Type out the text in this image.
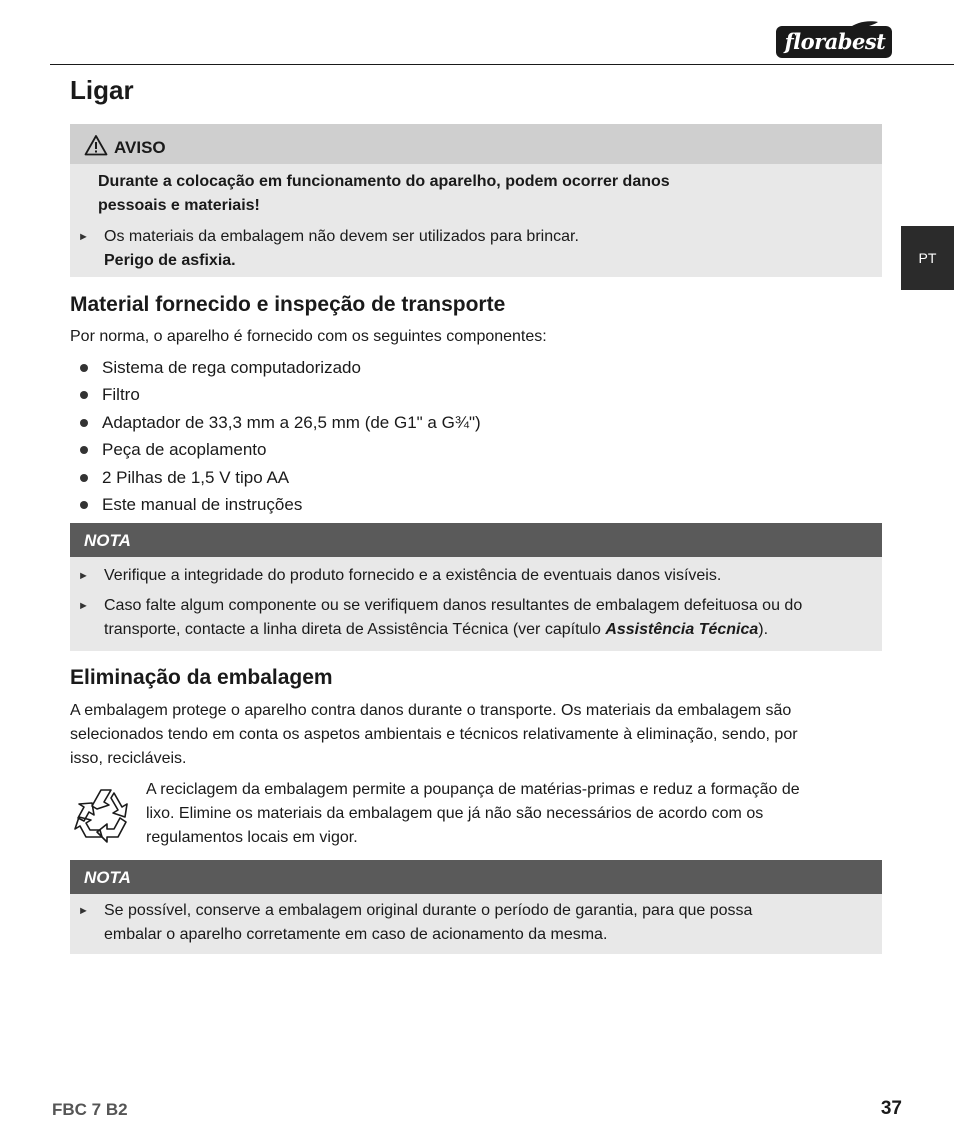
florabest
Ligar
PT
AVISO
Durante a colocação em funcionamento do aparelho, podem ocorrer danos
pessoais e materiais!
► Os materiais da embalagem não devem ser utilizados para brincar.
Perigo de asfixia.
Material fornecido e inspeção de transporte

Por norma, o aparelho é fornecido com os seguintes componentes:

Sistema de rega computadorizado
Filtro
Adaptador de 33,3 mm a 26,5 mm (de G1" a G¾")
Peça de acoplamento
2 Pilhas de 1,5 V tipo AA
Este manual de instruções
NOTA
► Verifique a integridade do produto fornecido e a existência de eventuais danos visíveis.
► Caso falte algum componente ou se verifiquem danos resultantes de embalagem defeituosa ou do
transporte, contacte a linha direta de Assistência Técnica (ver capítulo Assistência Técnica).
Eliminação da embalagem
A embalagem protege o aparelho contra danos durante o transporte. Os materiais da embalagem são
selecionados tendo em conta os aspetos ambientais e técnicos relativamente à eliminação, sendo, por
isso, recicláveis.
A reciclagem da embalagem permite a poupança de matérias-primas e reduz a formação de
lixo. Elimine os materiais da embalagem que já não são necessários de acordo com os
regulamentos locais em vigor.
NOTA
► Se possível, conserve a embalagem original durante o período de garantia, para que possa
embalar o aparelho corretamente em caso de acionamento da mesma.
FBC 7 B2	37
